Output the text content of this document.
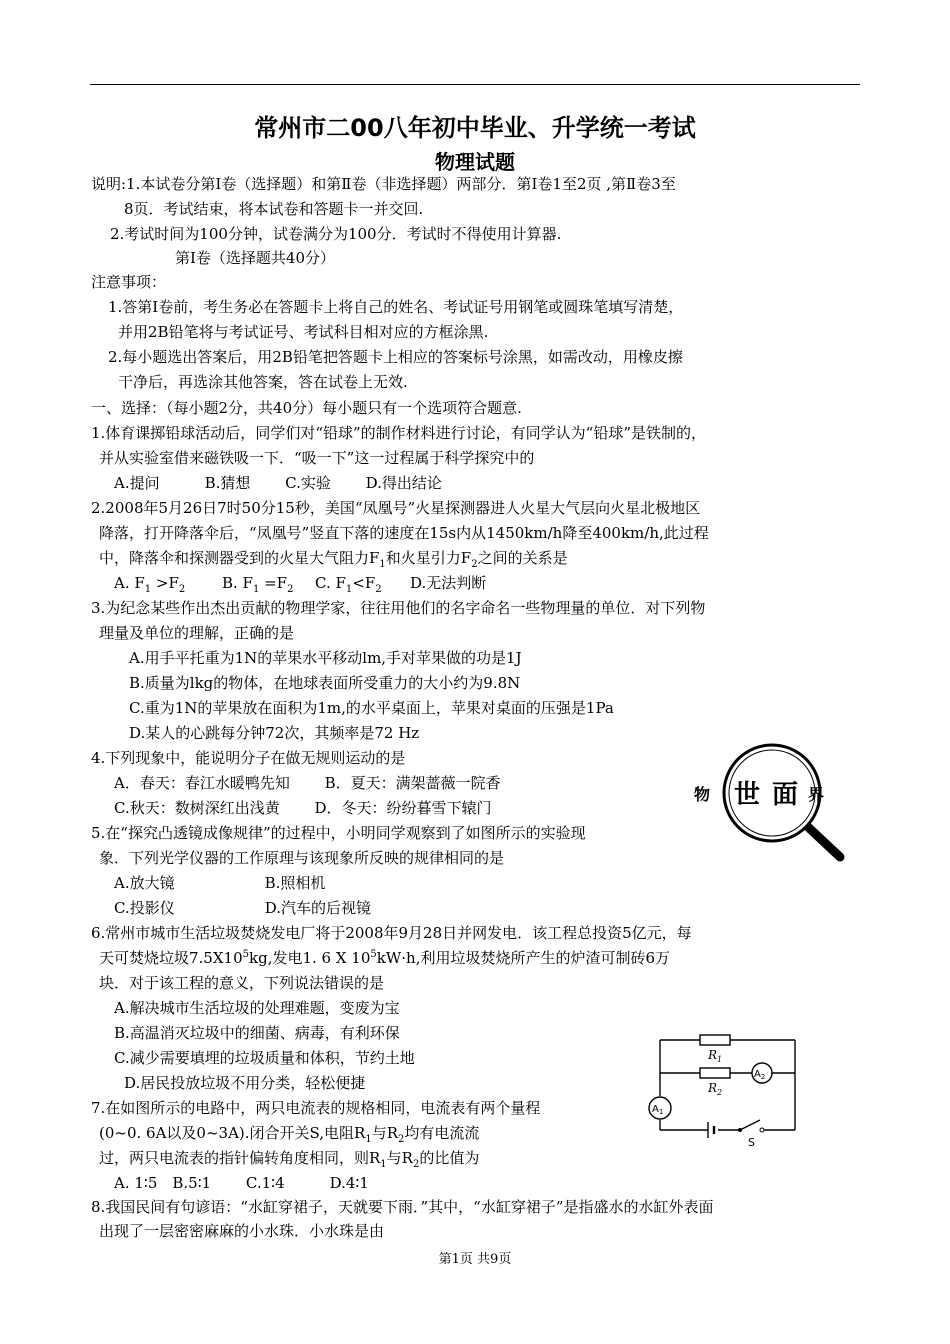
常州市二00八年初中毕业、升学统一考试
物理试题
说明:1.本试卷分第Ⅰ卷（选择题）和第Ⅱ卷（非选择题）两部分．第Ⅰ卷1至2页 ,第Ⅱ卷3至
8页．考试结束，将本试卷和答题卡一并交回.
2.考试时间为100分钟，试卷满分为100分．考试时不得使用计算器.
第Ⅰ卷（选择题共40分）
注意事项：
1.答第Ⅰ卷前，考生务必在答题卡上将自己的姓名、考试证号用钢笔或圆珠笔填写清楚，
并用2B铅笔将与考试证号、考试科目相对应的方框涂黑.
2.每小题选出答案后，用2B铅笔把答题卡上相应的答案标号涂黑，如需改动，用橡皮擦
干净后，再选涂其他答案，答在试卷上无效.
一、选择：（每小题2分，共40分）每小题只有一个选项符合题意.
1.体育课掷铅球活动后，同学们对“铅球”的制作材料进行讨论，有同学认为“铅球”是铁制的，
并从实验室借来磁铁吸一下．“吸一下”这一过程属于科学探究中的
A.提问　　　B.猜想　　 C.实验　　 D.得出结论
2.2008年5月26日7时50分15秒，美国“凤凰号”火星探测器进人火星大气层向火星北极地区
降落，打开降落伞后，“凤凰号”竖直下落的速度在15s内从1450km/h降至400km/h,此过程
中，降落伞和探测器受到的火星大气阻力$F_1$和火星引力$F_2$之间的关系是
A. $F_1 >F_2$ B. $F_1 =F_2$ C. $F_1<F_2$ D.无法判断
3.为纪念某些作出杰出贡献的物理学家，往往用他们的名字命名一些物理量的单位．对下列物
理量及单位的理解，正确的是
A.用手平托重为1N的苹果水平移动lm,手对苹果做的功是1J
B.质量为lkg的物体，在地球表面所受重力的大小约为9.8N
C.重为1N的苹果放在面积为1m,的水平桌面上，苹果对桌面的压强是1Pa
D.某人的心跳每分钟72次，其频率是72 Hz
4.下列现象中，能说明分子在做无规则运动的是
A．春天：春江水暖鸭先知　　 B．夏天：满架蔷薇一院香
C.秋天：数树深红出浅黄　　 D．冬天：纷纷暮雪下辕门
5.在“探究凸透镜成像规律”的过程中，小明同学观察到了如图所示的实验现
象．下列光学仪器的工作原理与该现象所反映的规律相同的是
A.放大镜　　　　　　B.照相机
C.投影仪　　　　　　D.汽车的后视镜
物 世 面 界
6.常州市城市生活垃圾焚烧发电厂将于2008年9月28日并网发电．该工程总投资5亿元，每
天可焚烧垃圾$7.5X10^5kg$,发电1. 6 X $10^5kW\cdot h$,利用垃圾焚烧所产生的炉渣可制砖6万
块．对于该工程的意义，下列说法错误的是
A.解决城市生活垃圾的处理难题，变废为宝
B.高温消灭垃圾中的细菌、病毒，有利环保
C.减少需要填埋的垃圾质量和体积，节约土地
D.居民投放垃圾不用分类，轻松便捷
7.在如图所示的电路中，两只电流表的规格相同，电流表有两个量程
(0~0. 6A以及0~3A).闭合开关S,电阻$R_1$与$R_2$均有电流流
过，两只电流表的指针偏转角度相同，则$R_1$与$R_2$的比值为
A. 1∶5　B.5∶1　　 C.1∶4　　　D.4∶1
$R_1$
$R_2$
$A_2$
$A_1$
S
8.我国民间有句谚语：“水缸穿裙子，天就要下雨．”其中，“水缸穿裙子”是指盛水的水缸外表面
出现了一层密密麻麻的小水珠．小水珠是由
第1页 共9页
